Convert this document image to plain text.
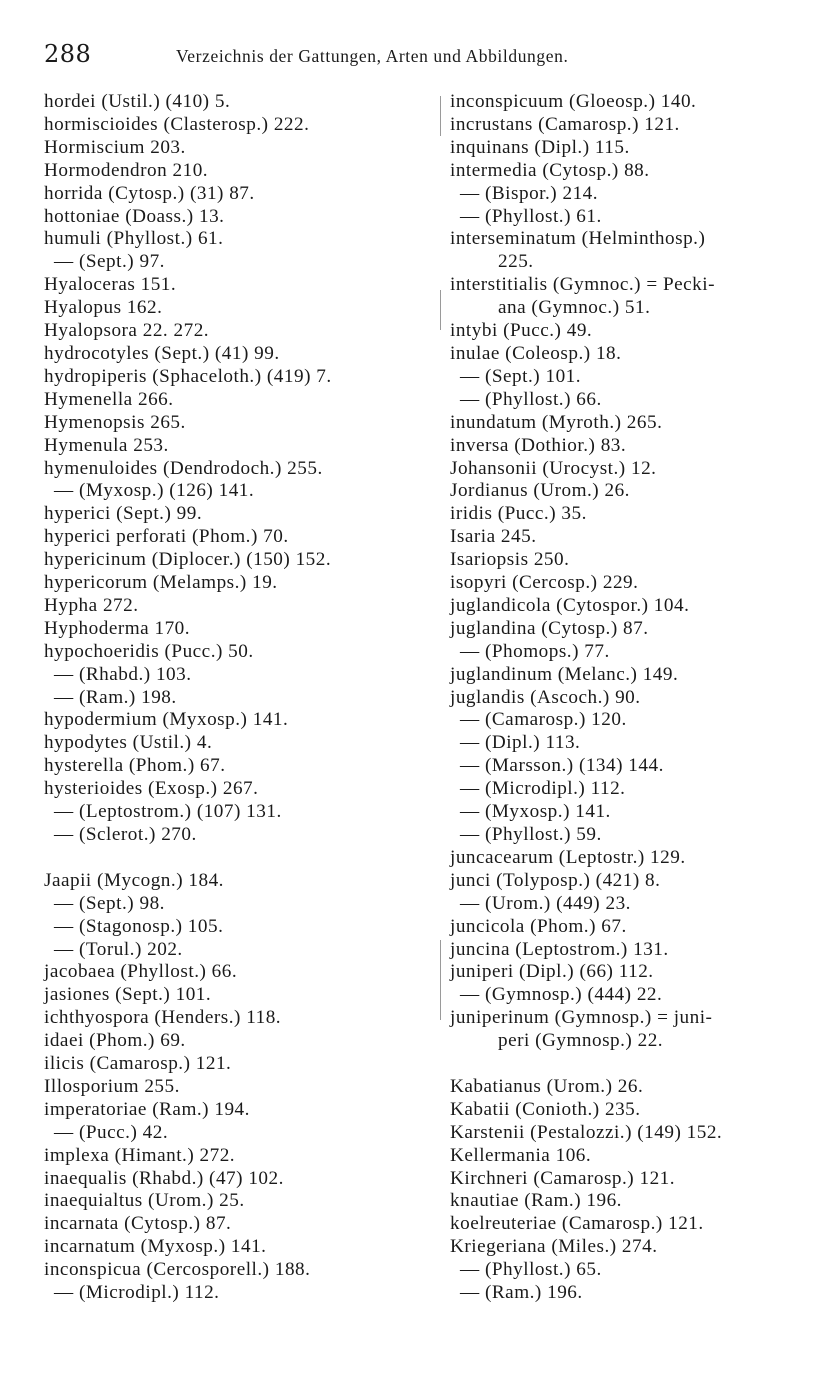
288	Verzeichnis der Gattungen, Arten und Abbildungen.
hordei (Ustil.) (410) 5.
hormiscioides (Clasterosp.) 222.
Hormiscium 203.
Hormodendron 210.
horrida (Cytosp.) (31) 87.
hottoniae (Doass.) 13.
humuli (Phyllost.) 61.
— (Sept.) 97.
Hyaloceras 151.
Hyalopus 162.
Hyalopsora 22. 272.
hydrocotyles (Sept.) (41) 99.
hydropiperis (Sphaceloth.) (419) 7.
Hymenella 266.
Hymenopsis 265.
Hymenula 253.
hymenuloides (Dendrodoch.) 255.
— (Myxosp.) (126) 141.
hyperici (Sept.) 99.
hyperici perforati (Phom.) 70.
hypericinum (Diplocer.) (150) 152.
hypericorum (Melamps.) 19.
Hypha 272.
Hyphoderma 170.
hypochoeridis (Pucc.) 50.
— (Rhabd.) 103.
— (Ram.) 198.
hypodermium (Myxosp.) 141.
hypodytes (Ustil.) 4.
hysterella (Phom.) 67.
hysterioides (Exosp.) 267.
— (Leptostrom.) (107) 131.
— (Sclerot.) 270.
Jaapii (Mycogn.) 184.
— (Sept.) 98.
— (Stagonosp.) 105.
— (Torul.) 202.
jacobaea (Phyllost.) 66.
jasiones (Sept.) 101.
ichthyospora (Henders.) 118.
idaei (Phom.) 69.
ilicis (Camarosp.) 121.
Illosporium 255.
imperatoriae (Ram.) 194.
— (Pucc.) 42.
implexa (Himant.) 272.
inaequalis (Rhabd.) (47) 102.
inaequialtus (Urom.) 25.
incarnata (Cytosp.) 87.
incarnatum (Myxosp.) 141.
inconspicua (Cercosporell.) 188.
— (Microdipl.) 112.
inconspicuum (Gloeosp.) 140.
incrustans (Camarosp.) 121.
inquinans (Dipl.) 115.
intermedia (Cytosp.) 88.
— (Bispor.) 214.
— (Phyllost.) 61.
interseminatum (Helminthosp.)
225.
interstitialis (Gymnoc.) = Pecki-
ana (Gymnoc.) 51.
intybi (Pucc.) 49.
inulae (Coleosp.) 18.
— (Sept.) 101.
— (Phyllost.) 66.
inundatum (Myroth.) 265.
inversa (Dothior.) 83.
Johansonii (Urocyst.) 12.
Jordianus (Urom.) 26.
iridis (Pucc.) 35.
Isaria 245.
Isariopsis 250.
isopyri (Cercosp.) 229.
juglandicola (Cytospor.) 104.
juglandina (Cytosp.) 87.
— (Phomops.) 77.
juglandinum (Melanc.) 149.
juglandis (Ascoch.) 90.
— (Camarosp.) 120.
— (Dipl.) 113.
— (Marsson.) (134) 144.
— (Microdipl.) 112.
— (Myxosp.) 141.
— (Phyllost.) 59.
juncacearum (Leptostr.) 129.
junci (Tolyposp.) (421) 8.
— (Urom.) (449) 23.
juncicola (Phom.) 67.
juncina (Leptostrom.) 131.
juniperi (Dipl.) (66) 112.
— (Gymnosp.) (444) 22.
juniperinum (Gymnosp.) = juni-
peri (Gymnosp.) 22.
Kabatianus (Urom.) 26.
Kabatii (Conioth.) 235.
Karstenii (Pestalozzi.) (149) 152.
Kellermania 106.
Kirchneri (Camarosp.) 121.
knautiae (Ram.) 196.
koelreuteriae (Camarosp.) 121.
Kriegeriana (Miles.) 274.
— (Phyllost.) 65.
— (Ram.) 196.
